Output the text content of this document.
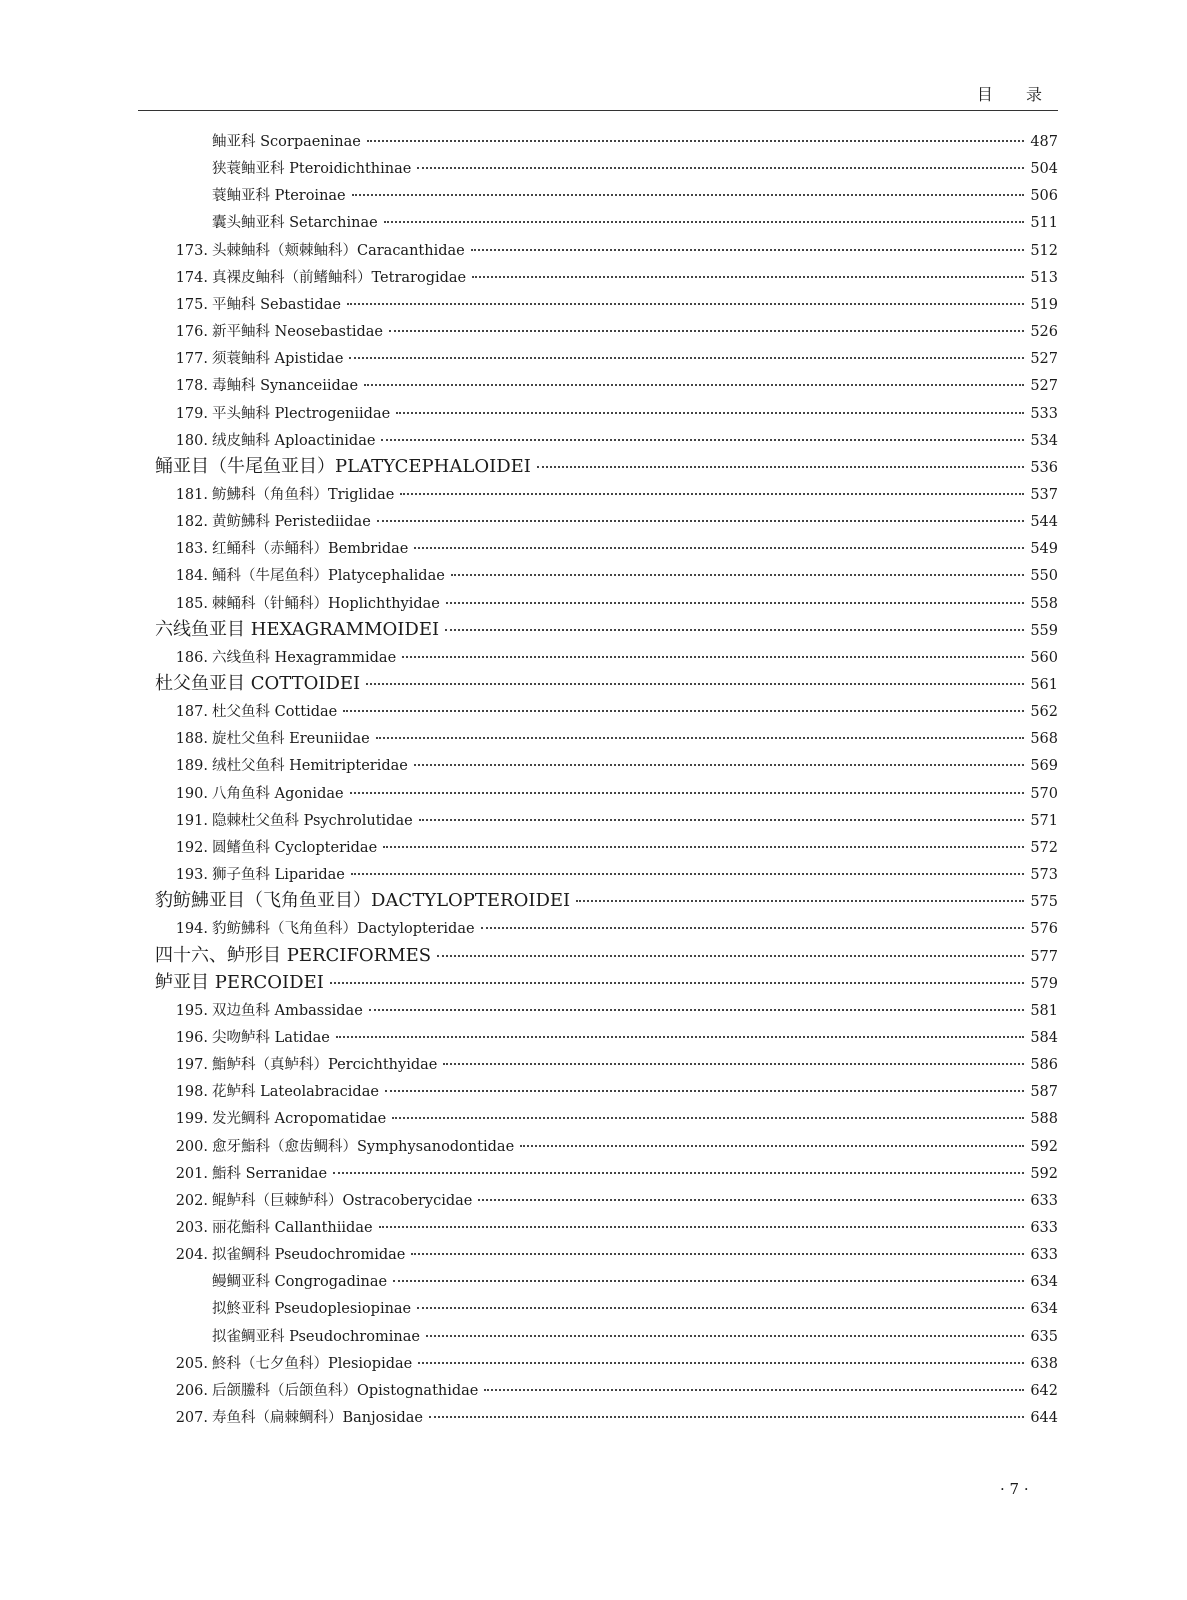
目 录
鲉亚科 Scorpaeninae	487
狭蓑鲉亚科 Pteroidichthinae	504
蓑鲉亚科 Pteroinae	506
囊头鲉亚科 Setarchinae	511
173. 头棘鲉科（颊棘鲉科）Caracanthidae	512
174. 真裸皮鲉科（前鳍鲉科）Tetrarogidae	513
175. 平鲉科 Sebastidae	519
176. 新平鲉科 Neosebastidae	526
177. 须蓑鲉科 Apistidae	527
178. 毒鲉科 Synanceiidae	527
179. 平头鲉科 Plectrogeniidae	533
180. 绒皮鲉科 Aploactinidae	534
鲬亚目（牛尾鱼亚目）PLATYCEPHALOIDEI	536
181. 鲂鮄科（角鱼科）Triglidae	537
182. 黄鲂鮄科 Peristediidae	544
183. 红鲬科（赤鲬科）Bembridae	549
184. 鲬科（牛尾鱼科）Platycephalidae	550
185. 棘鲬科（针鲬科）Hoplichthyidae	558
六线鱼亚目 HEXAGRAMMOIDEI	559
186. 六线鱼科 Hexagrammidae	560
杜父鱼亚目 COTTOIDEI	561
187. 杜父鱼科 Cottidae	562
188. 旋杜父鱼科 Ereuniidae	568
189. 绒杜父鱼科 Hemitripteridae	569
190. 八角鱼科 Agonidae	570
191. 隐棘杜父鱼科 Psychrolutidae	571
192. 圆鳍鱼科 Cyclopteridae	572
193. 狮子鱼科 Liparidae	573
豹鲂鮄亚目（飞角鱼亚目）DACTYLOPTEROIDEI	575
194. 豹鲂鮄科（飞角鱼科）Dactylopteridae	576
四十六、鲈形目 PERCIFORMES	577
鲈亚目 PERCOIDEI	579
195. 双边鱼科 Ambassidae	581
196. 尖吻鲈科 Latidae	584
197. 鮨鲈科（真鲈科）Percichthyidae	586
198. 花鲈科 Lateolabracidae	587
199. 发光鲷科 Acropomatidae	588
200. 愈牙鮨科（愈齿鲷科）Symphysanodontidae	592
201. 鮨科 Serranidae	592
202. 鲲鲈科（巨棘鲈科）Ostracoberycidae	633
203. 丽花鮨科 Callanthiidae	633
204. 拟雀鲷科 Pseudochromidae	633
鳗鲷亚科 Congrogadinae	634
拟鮗亚科 Pseudoplesiopinae	634
拟雀鲷亚科 Pseudochrominae	635
205. 鮗科（七夕鱼科）Plesiopidae	638
206. 后颌鰧科（后颌鱼科）Opistognathidae	642
207. 寿鱼科（扁棘鲷科）Banjosidae	644
· 7 ·
